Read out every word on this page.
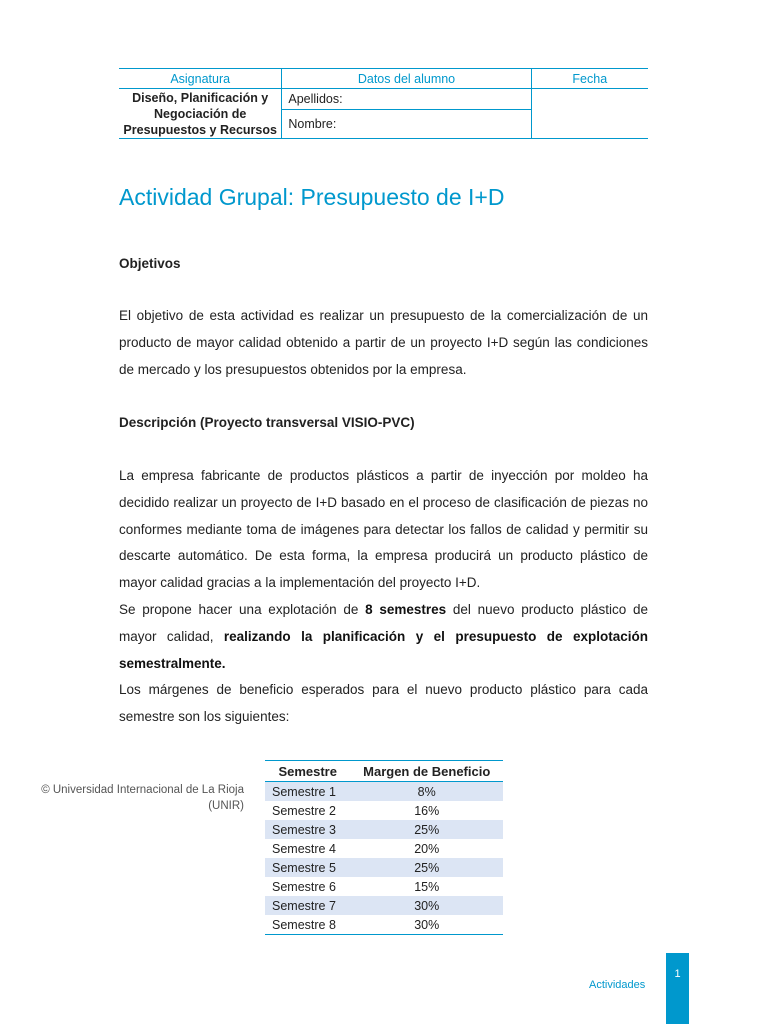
Asignatura	Datos del alumno	Fecha

Diseño, Planificación y
Negociación de
Presupuestos y Recursos	Apellidos:	
	Nombre:	
Actividad Grupal: Presupuesto de I+D
Objetivos

El objetivo de esta actividad es realizar un presupuesto de la comercialización de un producto de mayor calidad obtenido a partir de un proyecto I+D según las condiciones de mercado y los presupuestos obtenidos por la empresa.

Descripción (Proyecto transversal VISIO-PVC)

La empresa fabricante de productos plásticos a partir de inyección por moldeo ha decidido realizar un proyecto de I+D basado en el proceso de clasificación de piezas no conformes mediante toma de imágenes para detectar los fallos de calidad y permitir su descarte automático. De esta forma, la empresa producirá un producto plástico de mayor calidad gracias a la implementación del proyecto I+D.

Se propone hacer una explotación de 8 semestres del nuevo producto plástico de mayor calidad, realizando la planificación y el presupuesto de explotación semestralmente.

Los márgenes de beneficio esperados para el nuevo producto plástico para cada semestre son los siguientes:

© Universidad Internacional de La Rioja (UNIR)
Semestre	Margen de Beneficio
Semestre 1	8%
Semestre 2	16%
Semestre 3	25%
Semestre 4	20%
Semestre 5	25%
Semestre 6	15%
Semestre 7	30%
Semestre 8	30%
Actividades
1
